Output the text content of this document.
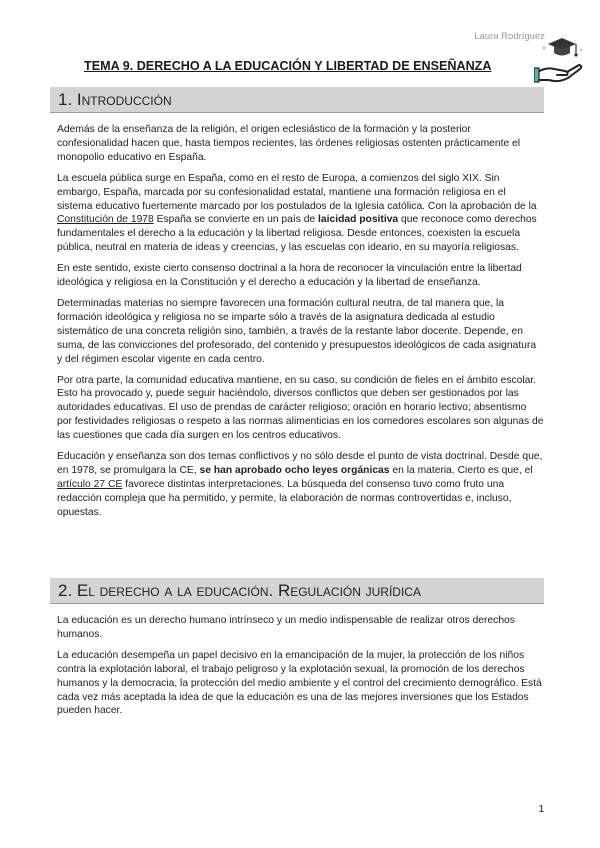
Laura Rodríguez
TEMA 9. DERECHO A LA EDUCACIÓN Y LIBERTAD DE ENSEÑANZA
1. Introducción

Además de la enseñanza de la religión, el origen eclesiástico de la formación y la posterior confesionalidad hacen que, hasta tiempos recientes, las órdenes religiosas ostenten prácticamente el monopolio educativo en España.

La escuela pública surge en España, como en el resto de Europa, a comienzos del siglo XIX. Sin embargo, España, marcada por su confesionalidad estatal, mantiene una formación religiosa en el sistema educativo fuertemente marcado por los postulados de la Iglesia católica. Con la aprobación de la Constitución de 1978 España se convierte en un país de laicidad positiva que reconoce como derechos fundamentales el derecho a la educación y la libertad religiosa. Desde entonces, coexisten la escuela pública, neutral en materia de ideas y creencias, y las escuelas con ideario, en su mayoría religiosas.

En este sentido, existe cierto consenso doctrinal a la hora de reconocer la vinculación entre la libertad ideológica y religiosa en la Constitución y el derecho a educación y la libertad de enseñanza.

Determinadas materias no siempre favorecen una formación cultural neutra, de tal manera que, la formación ideológica y religiosa no se imparte sólo a través de la asignatura dedicada al estudio sistemático de una concreta religión sino, también, a través de la restante labor docente. Depende, en suma, de las convicciones del profesorado, del contenido y presupuestos ideológicos de cada asignatura y del régimen escolar vigente en cada centro.

Por otra parte, la comunidad educativa mantiene, en su caso, su condición de fieles en el ámbito escolar. Esto ha provocado y, puede seguir haciéndolo, diversos conflictos que deben ser gestionados por las autoridades educativas. El uso de prendas de carácter religioso; oración en horario lectivo; absentismo por festividades religiosas o respeto a las normas alimenticias en los comedores escolares son algunas de las cuestiones que cada día surgen en los centros educativos.

Educación y enseñanza son dos temas conflictivos y no sólo desde el punto de vista doctrinal. Desde que, en 1978, se promulgara la CE, se han aprobado ocho leyes orgánicas en la materia. Cierto es que, el artículo 27 CE favorece distintas interpretaciones. La búsqueda del consenso tuvo como fruto una redacción compleja que ha permitido, y permite, la elaboración de normas controvertidas e, incluso, opuestas.

2. El derecho a la educación. Regulación jurídica

La educación es un derecho humano intrínseco y un medio indispensable de realizar otros derechos humanos.

La educación desempeña un papel decisivo en la emancipación de la mujer, la protección de los niños contra la explotación laboral, el trabajo peligroso y la explotación sexual, la promoción de los derechos humanos y la democracia, la protección del medio ambiente y el control del crecimiento demográfico. Está cada vez más aceptada la idea de que la educación es una de las mejores inversiones que los Estados pueden hacer.

1
